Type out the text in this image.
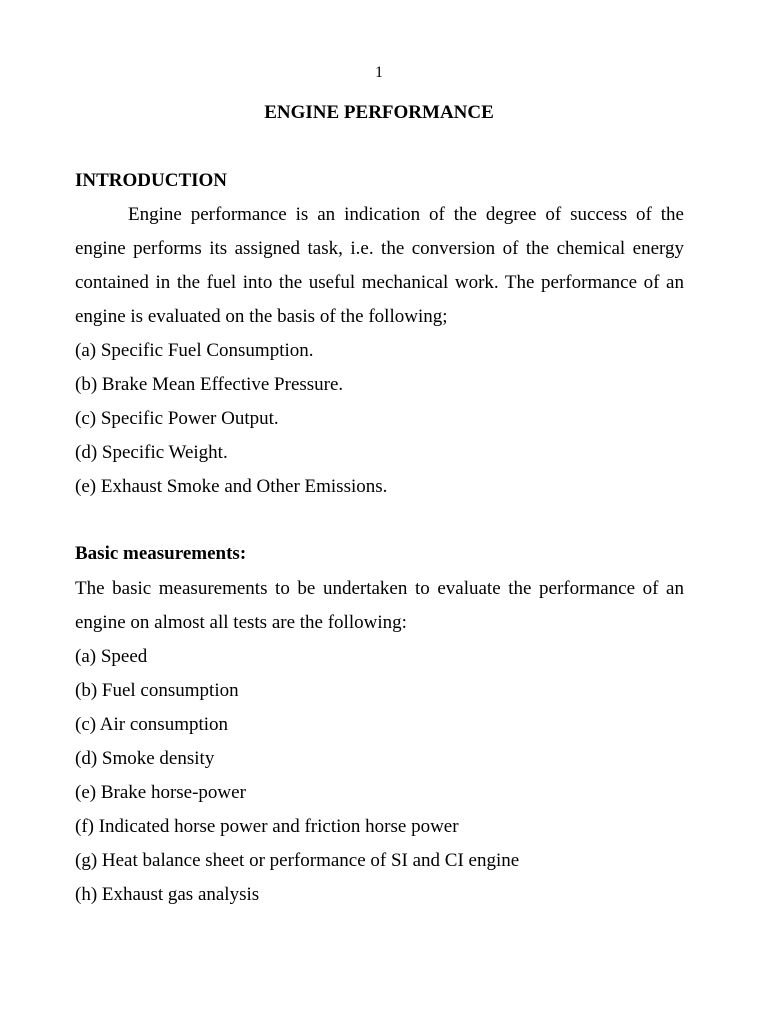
1
ENGINE PERFORMANCE
INTRODUCTION

Engine performance is an indication of the degree of success of the engine performs its assigned task, i.e. the conversion of the chemical energy contained in the fuel into the useful mechanical work. The performance of an engine is evaluated on the basis of the following;

(a) Specific Fuel Consumption.
(b) Brake Mean Effective Pressure.
(c) Specific Power Output.
(d) Specific Weight.
(e) Exhaust Smoke and Other Emissions.
Basic measurements:

The basic measurements to be undertaken to evaluate the performance of an engine on almost all tests are the following:

(a) Speed
(b) Fuel consumption
(c) Air consumption
(d) Smoke density
(e) Brake horse-power
(f) Indicated horse power and friction horse power
(g) Heat balance sheet or performance of SI and CI engine
(h) Exhaust gas analysis
